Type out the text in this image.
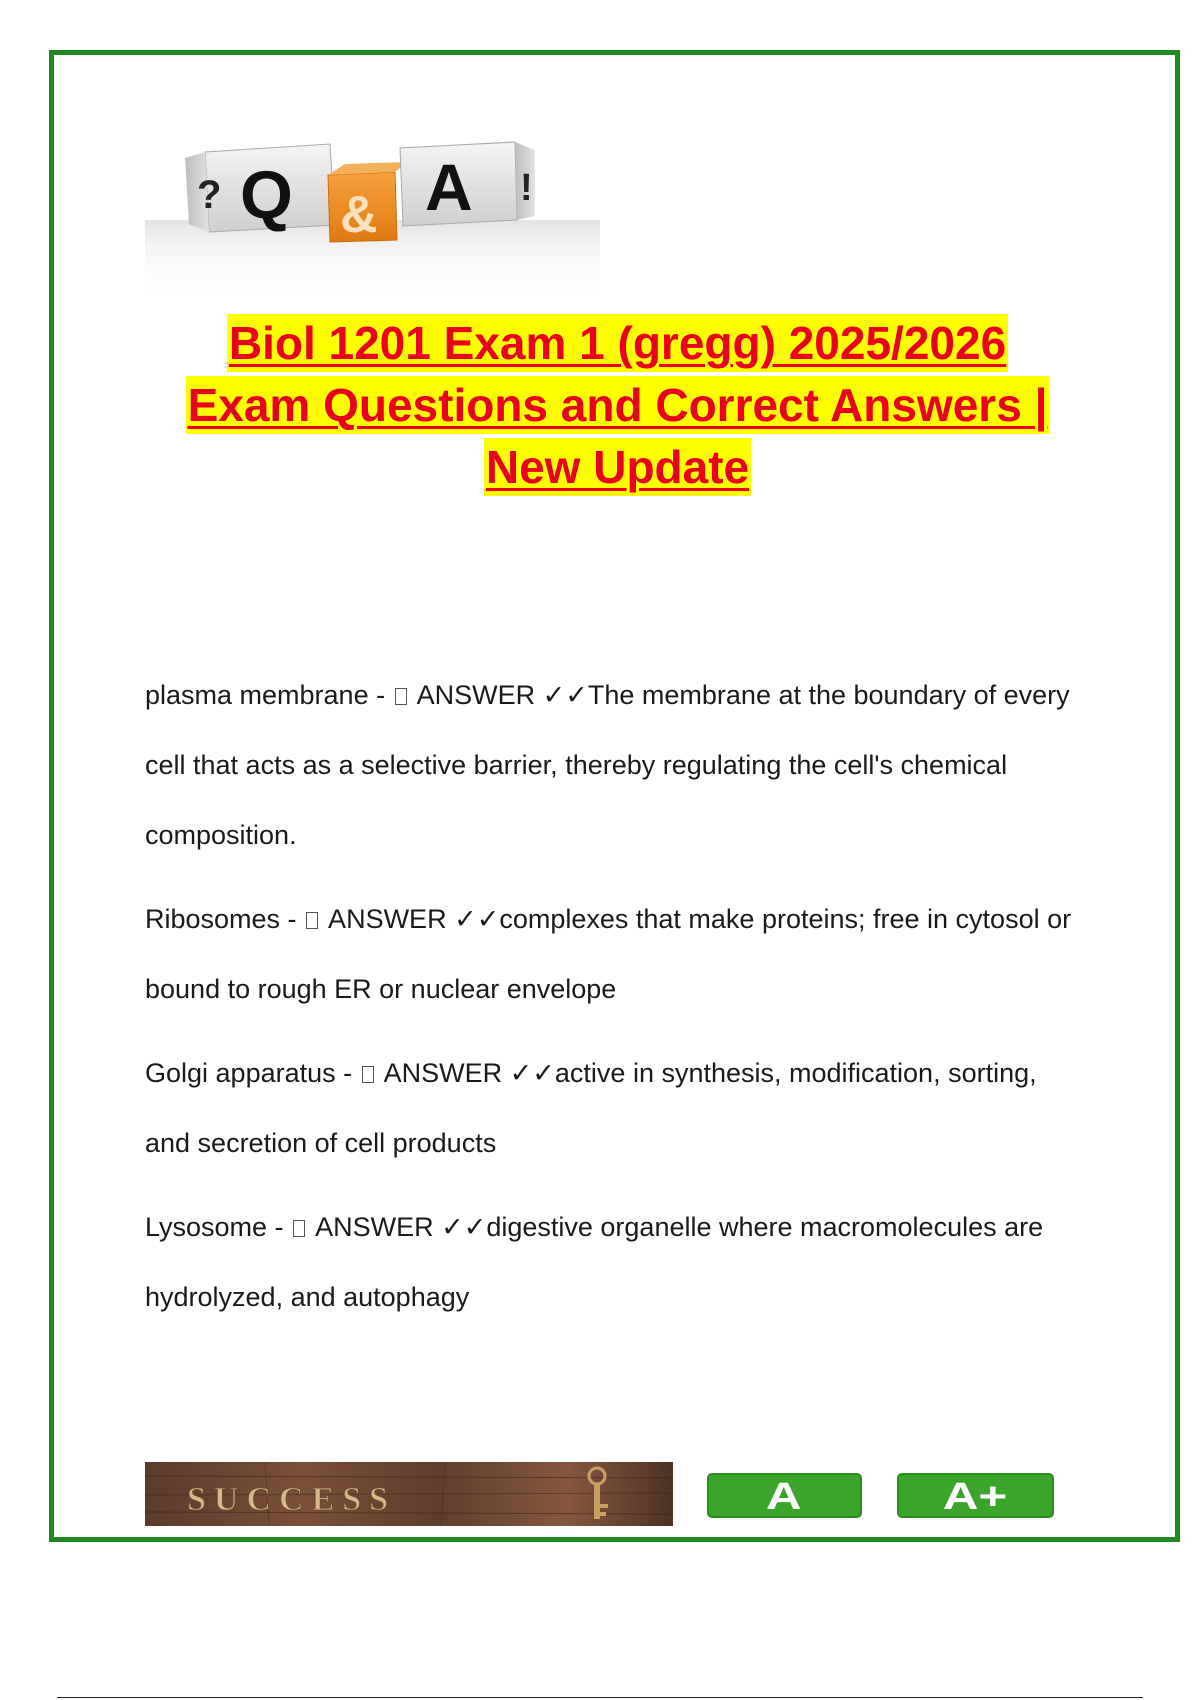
? Q & A !
Biol 1201 Exam 1 (gregg) 2025/2026
Exam Questions and Correct Answers |
New Update

plasma membrane -  ANSWER ✓✓The membrane at the boundary of every cell that acts as a selective barrier, thereby regulating the cell's chemical composition.

Ribosomes -  ANSWER ✓✓complexes that make proteins; free in cytosol or bound to rough ER or nuclear envelope

Golgi apparatus -  ANSWER ✓✓active in synthesis, modification, sorting, and secretion of cell products

Lysosome -  ANSWER ✓✓digestive organelle where macromolecules are hydrolyzed, and autophagy

SUCCESS	A	A+
